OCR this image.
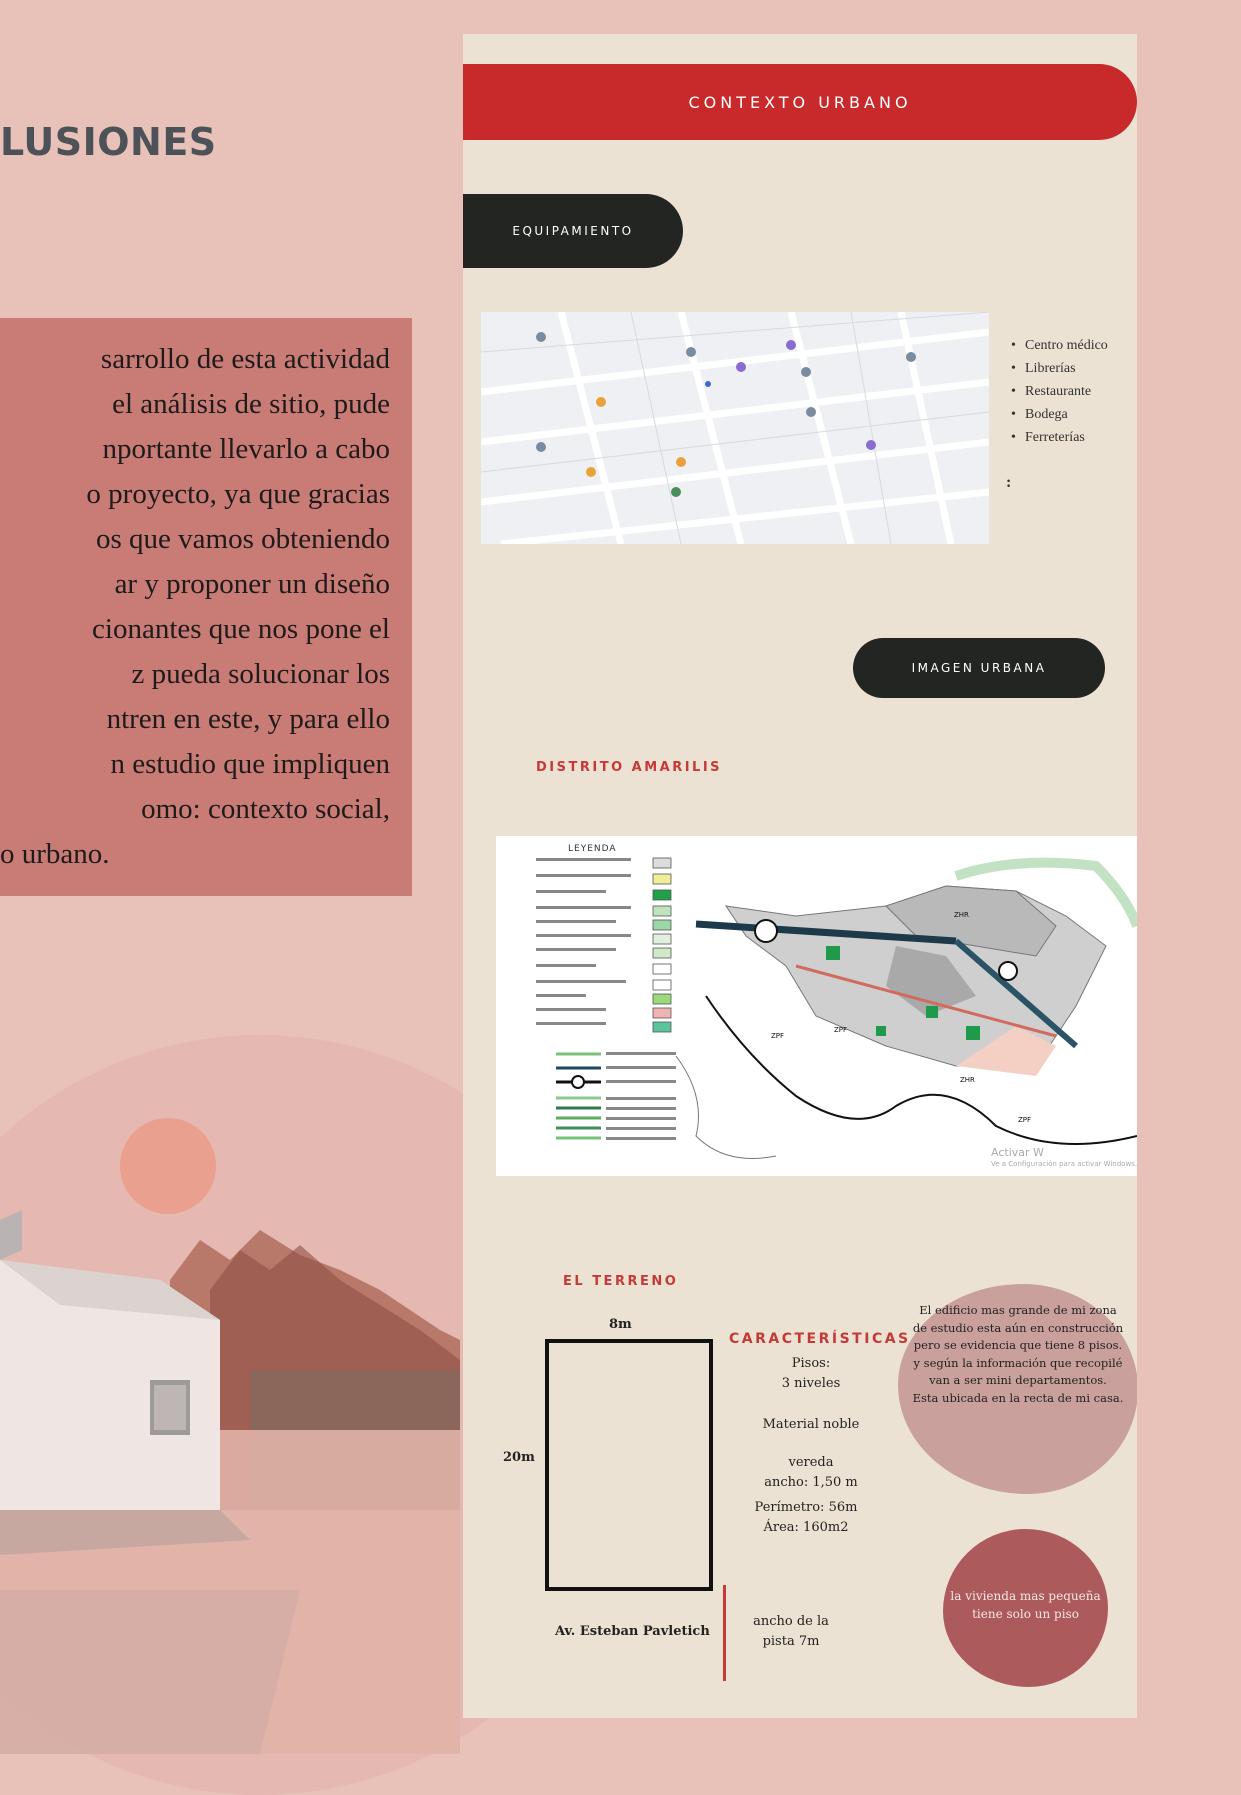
LUSIONES
sarrollo de esta actividad
el análisis de sitio, pude
nportante llevarlo a cabo
o proyecto, ya que gracias
os que vamos obteniendo
ar y proponer un diseño
cionantes que nos pone el
z pueda solucionar los
ntren en este, y para ello
n estudio que impliquen
omo: contexto social,
o urbano.
CONTEXTO URBANO
EQUIPAMIENTO
• Centro médico
• Librerías
• Restaurante
• Bodega
• Ferreterías
:
IMAGEN URBANA
DISTRITO AMARILIS
LEYENDA
ZHR
ZHR
ZPF
ZPF
ZPF
Activar W
Ve a Configuración para activar Windows.
EL TERRENO
8m
20m
Av. Esteban Pavletich
ancho de la
pista 7m
CARACTERÍSTICAS
Pisos:
3 niveles
Material noble
vereda
ancho: 1,50 m
Perímetro: 56m
Área: 160m2
El edificio mas grande de mi zona de estudio esta aún en construcción pero se evidencia que tiene 8 pisos. y según la información que recopilé van a ser mini departamentos.
Esta ubicada en la recta de mi casa.
la vivienda mas pequeña tiene solo un piso
